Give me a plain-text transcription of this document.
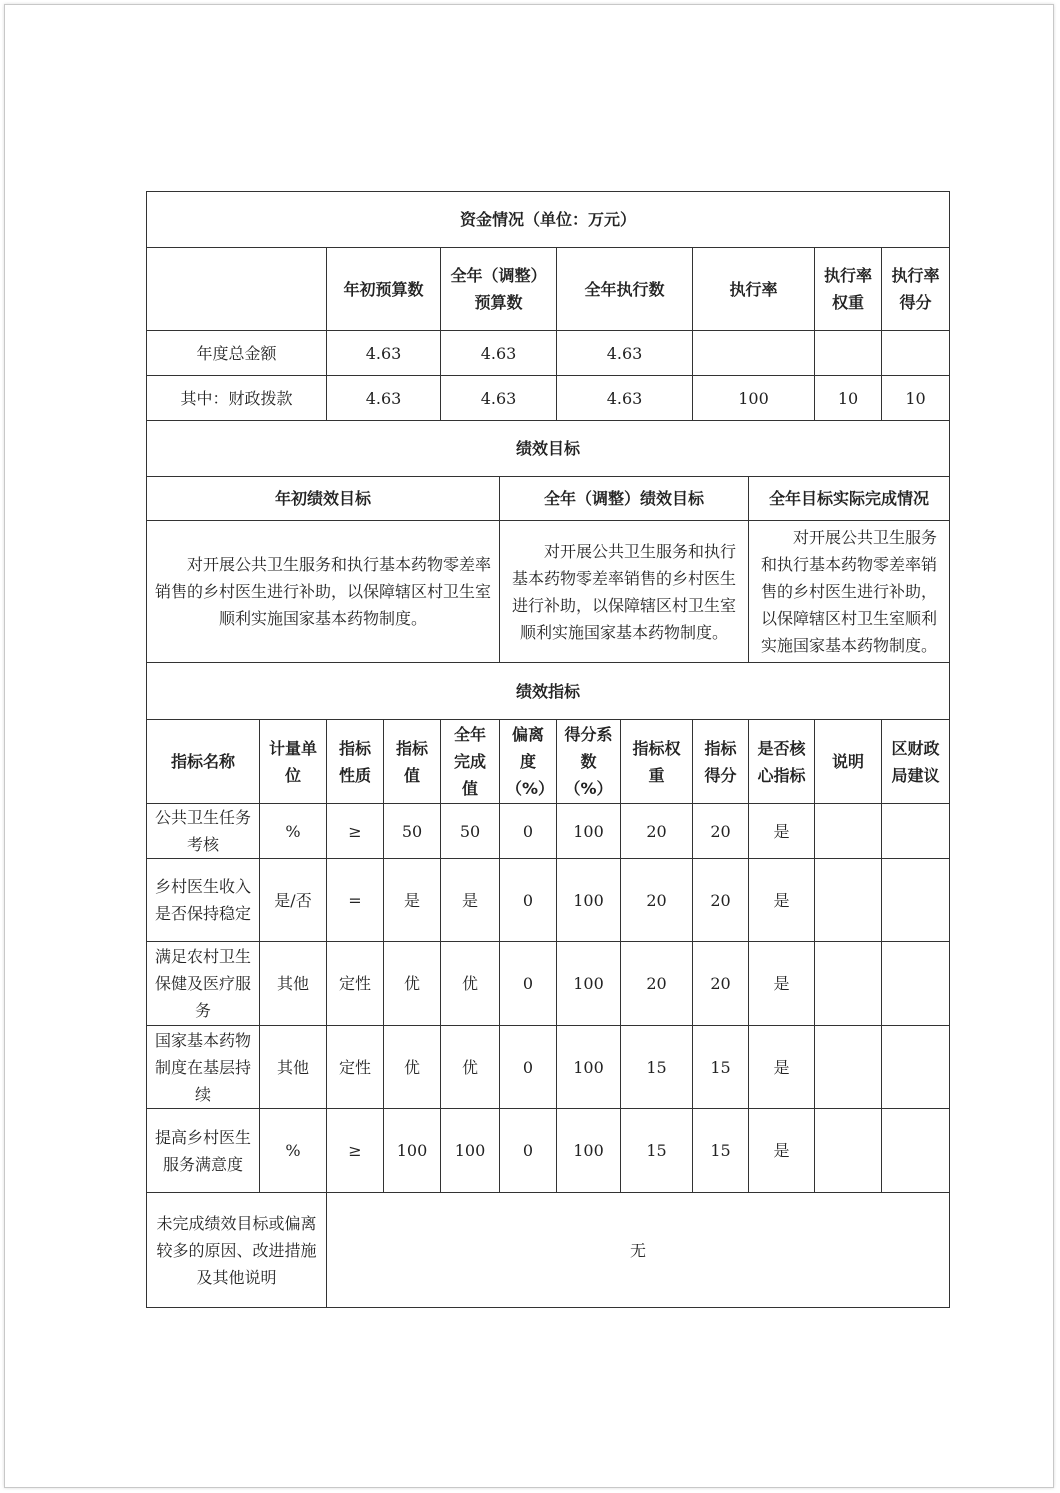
资金情况（单位：万元）											
		年初预算数		全年（调整）预算数		全年执行数		执行率		执行率权重	执行率得分
年度总金额		4.63		4.63		4.63					
其中：财政拨款		4.63		4.63		4.63		100		10	10
绩效目标											
年初绩效目标					全年（调整）绩效目标				全年目标实际完成情况		

对开展公共卫生服务和执行基本药物零差率销售的乡村医生进行补助，以保障辖区村卫生室顺利实施国家基本药物制度。					对开展公共卫生服务和执行基本药物零差率销售的乡村医生进行补助，以保障辖区村卫生室顺利实施国家基本药物制度。				对开展公共卫生服务和执行基本药物零差率销售的乡村医生进行补助，以保障辖区村卫生室顺利实施国家基本药物制度。		

绩效指标											
指标名称	计量单位	指标性质	指标值	全年完成值	偏离度（%）	得分系数（%）	指标权重	指标得分	是否核心指标	说明	区财政局建议
公共卫生任务考核	%	≥	50	50	0	100	20	20	是		
乡村医生收入是否保持稳定	是/否	=	是	是	0	100	20	20	是		
满足农村卫生保健及医疗服务	其他	定性	优	优	0	100	20	20	是		
国家基本药物制度在基层持续	其他	定性	优	优	0	100	15	15	是		
提高乡村医生服务满意度	%	≥	100	100	0	100	15	15	是		
未完成绩效目标或偏离较多的原因、改进措施及其他说明		无									
